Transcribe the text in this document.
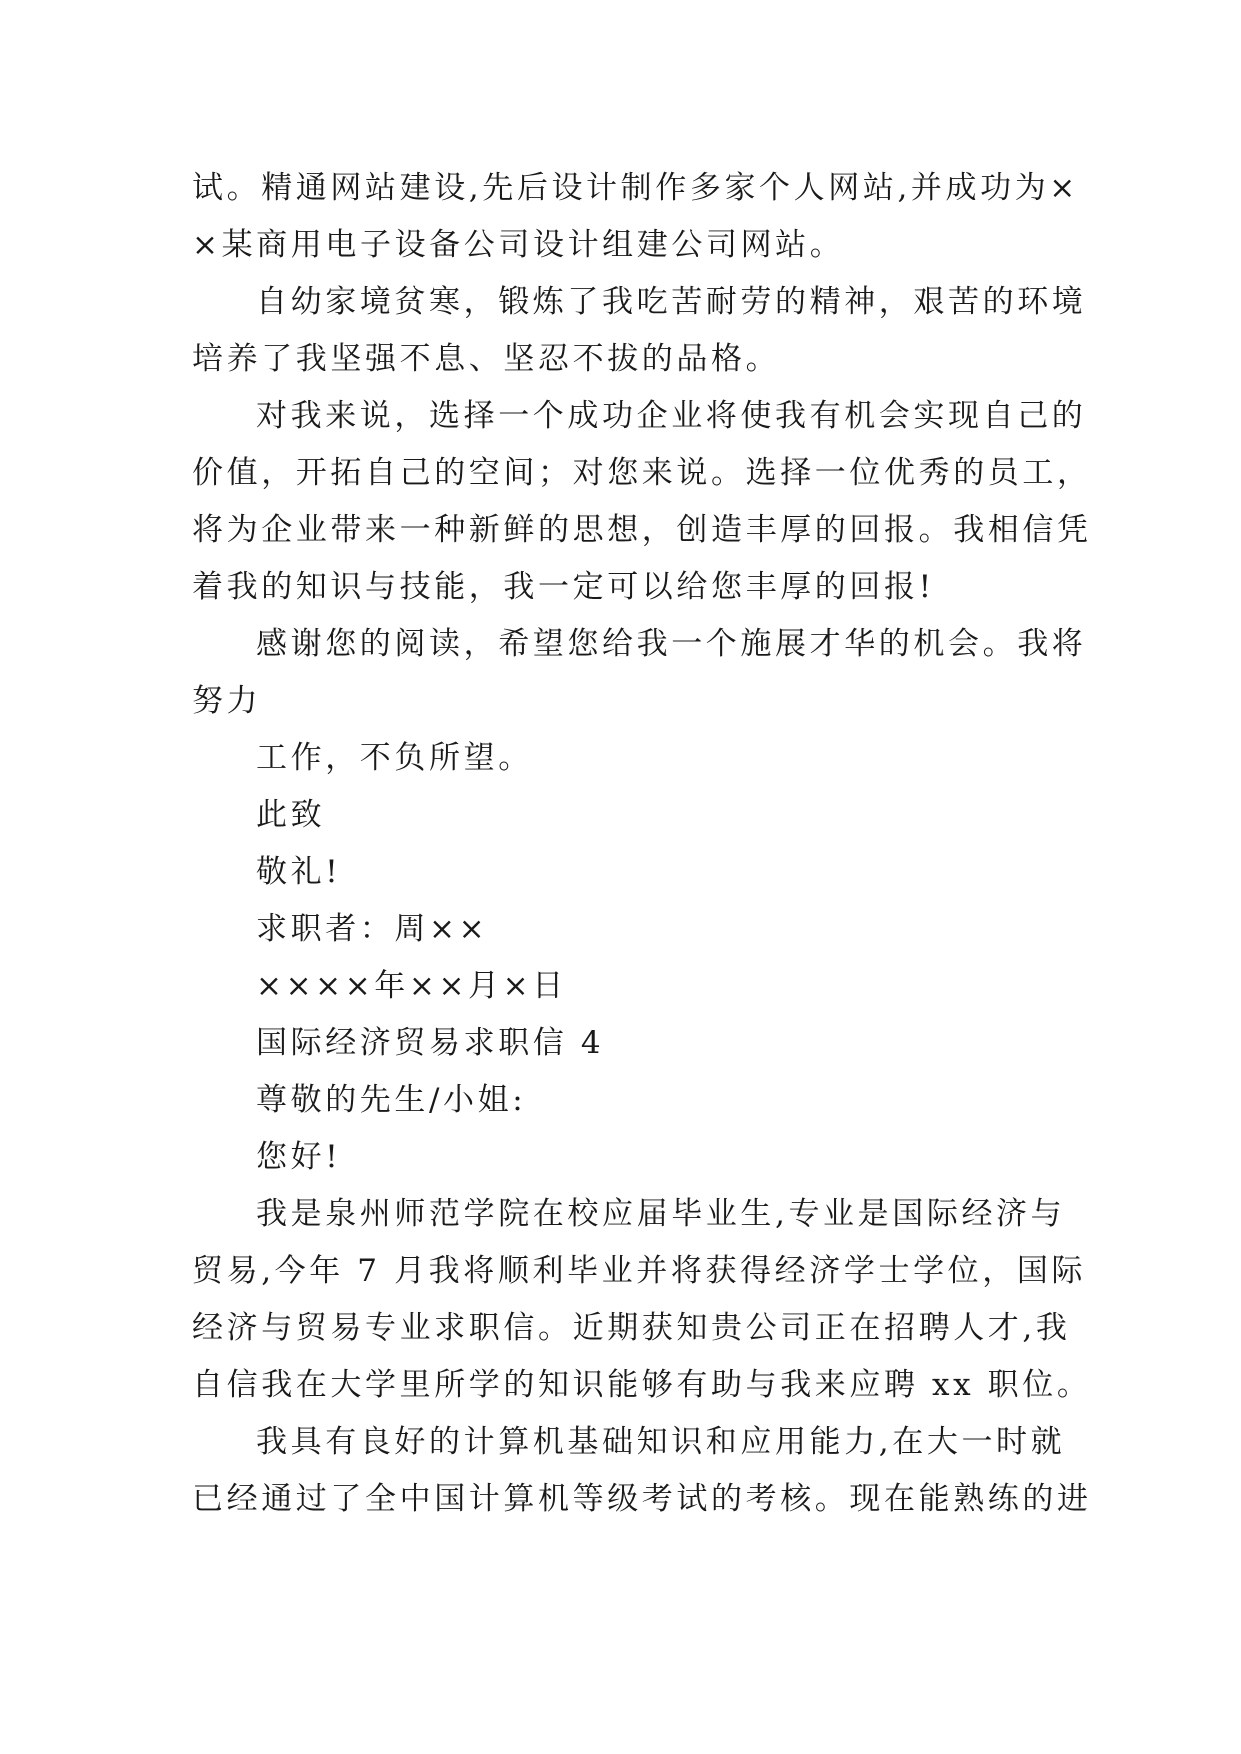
试。精通网站建设,先后设计制作多家个人网站,并成功为×
×某商用电子设备公司设计组建公司网站。
自幼家境贫寒，锻炼了我吃苦耐劳的精神，艰苦的环境
培养了我坚强不息、坚忍不拔的品格。
对我来说，选择一个成功企业将使我有机会实现自己的
价值，开拓自己的空间；对您来说。选择一位优秀的员工，
将为企业带来一种新鲜的思想，创造丰厚的回报。我相信凭
着我的知识与技能，我一定可以给您丰厚的回报!
感谢您的阅读，希望您给我一个施展才华的机会。我将
努力
工作，不负所望。
此致
敬礼!
求职者：周××
××××年××月×日
国际经济贸易求职信 4
尊敬的先生/小姐:
您好!
我是泉州师范学院在校应届毕业生,专业是国际经济与
贸易,今年 7 月我将顺利毕业并将获得经济学士学位，国际
经济与贸易专业求职信。近期获知贵公司正在招聘人才,我
自信我在大学里所学的知识能够有助与我来应聘 xx 职位。
我具有良好的计算机基础知识和应用能力,在大一时就
已经通过了全中国计算机等级考试的考核。现在能熟练的进
